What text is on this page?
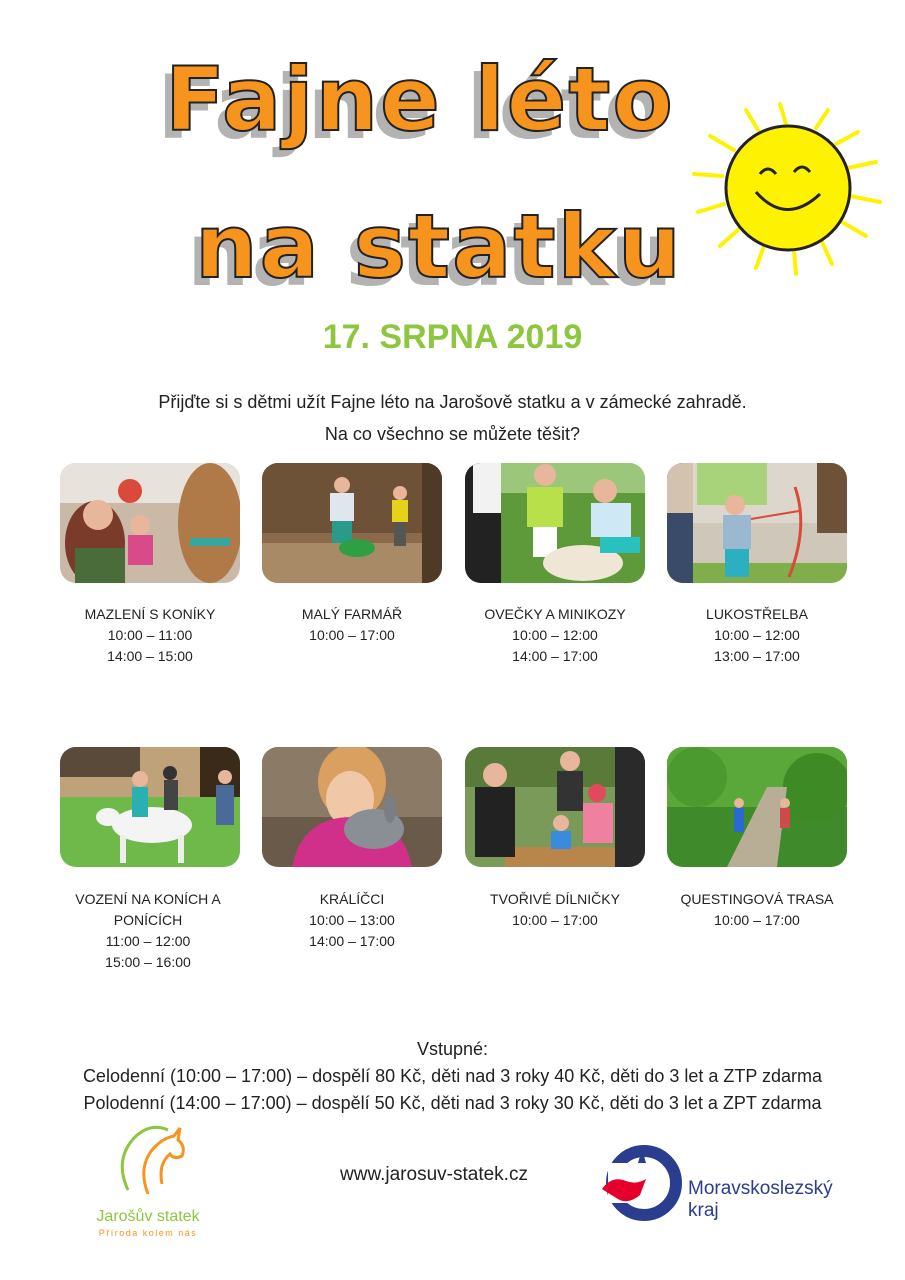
Fajne léto
na statku
17. SRPNA 2019
Přijďte si s dětmi užít Fajne léto na Jarošově statku a v zámecké zahradě.
Na co všechno se můžete těšit?
MAZLENÍ S KONÍKY
10:00 – 11:00
14:00 – 15:00
MALÝ FARMÁŘ
10:00 – 17:00
OVEČKY A MINIKOZY
10:00 – 12:00
14:00 – 17:00
LUKOSTŘELBA
10:00 – 12:00
13:00 – 17:00
VOZENÍ NA KONÍCH A
PONÍCÍCH
11:00 – 12:00
15:00 – 16:00
KRÁLÍČCI
10:00 – 13:00
14:00 – 17:00
TVOŘIVÉ DÍLNIČKY
10:00 – 17:00
QUESTINGOVÁ TRASA
10:00 – 17:00
Vstupné:
Celodenní (10:00 – 17:00) – dospělí 80 Kč, děti nad 3 roky 40 Kč, děti do 3 let a ZTP zdarma
Polodenní (14:00 – 17:00) – dospělí 50 Kč, děti nad 3 roky 30 Kč, děti do 3 let a ZPT zdarma
Jarošův statek
Příroda kolem nás
www.jarosuv-statek.cz
Moravskoslezský
kraj
